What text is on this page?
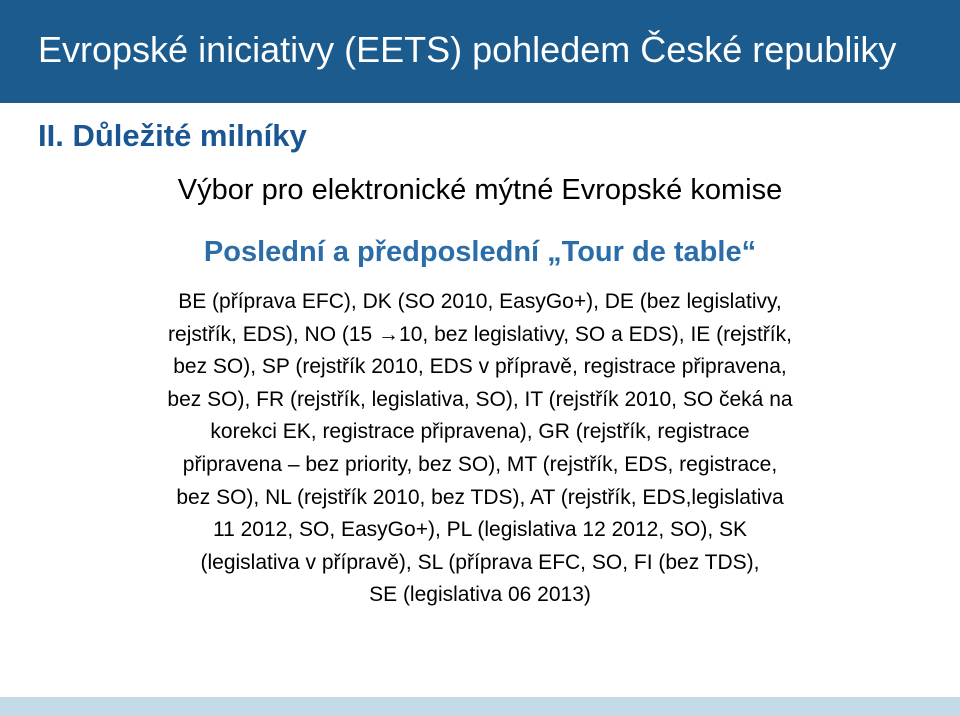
Evropské iniciativy (EETS) pohledem České republiky
II. Důležité milníky
Výbor pro elektronické mýtné Evropské komise
Poslední a předposlední „Tour de table“
BE (příprava EFC), DK (SO 2010, EasyGo+), DE (bez legislativy,
rejstřík, EDS), NO (15 →10, bez legislativy, SO a EDS), IE (rejstřík,
bez SO), SP (rejstřík 2010, EDS v přípravě, registrace připravena,
bez SO), FR (rejstřík, legislativa, SO), IT (rejstřík 2010, SO čeká na
korekci EK, registrace připravena), GR (rejstřík, registrace
připravena – bez priority, bez SO), MT (rejstřík, EDS, registrace,
bez SO), NL (rejstřík 2010, bez TDS), AT (rejstřík, EDS,legislativa
11 2012, SO, EasyGo+), PL (legislativa 12 2012, SO), SK
(legislativa v přípravě), SL (příprava EFC, SO, FI (bez TDS),
SE (legislativa 06 2013)
